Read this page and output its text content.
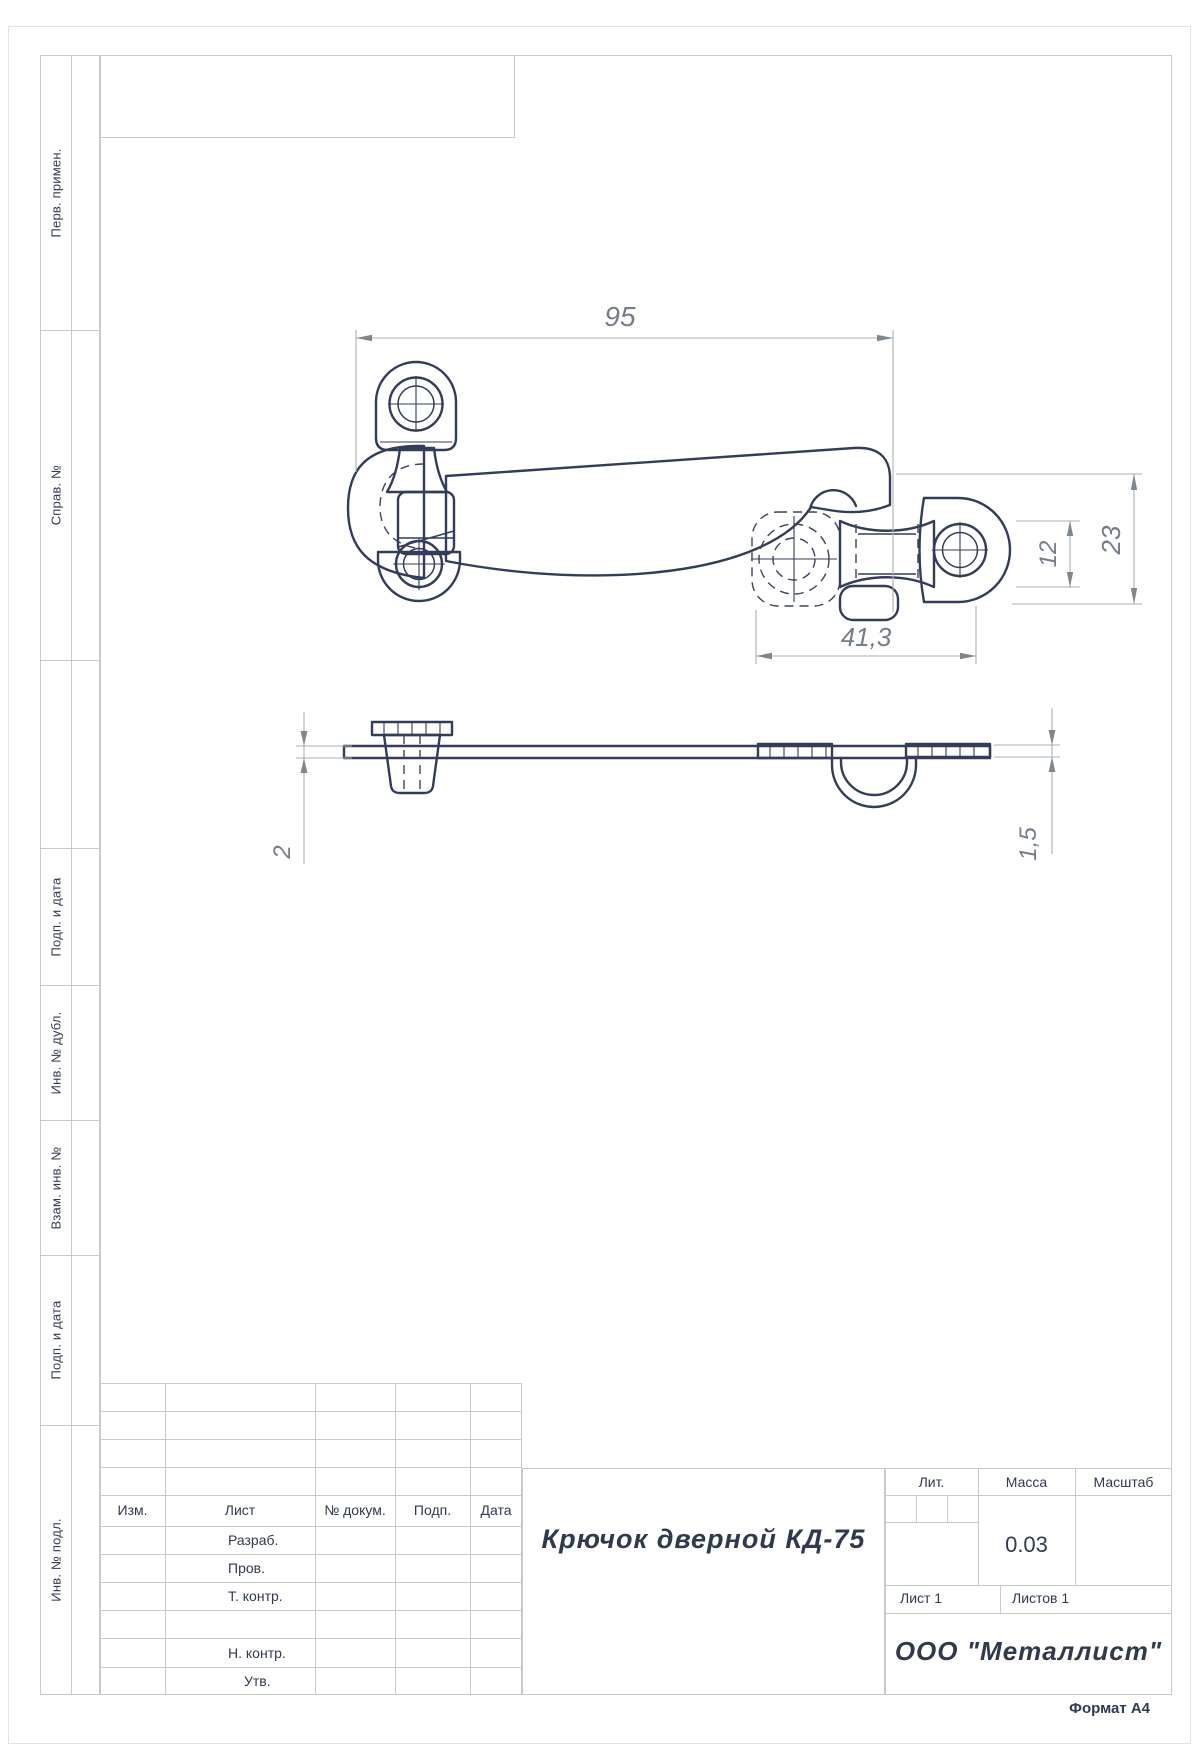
Перв. примен.
Справ. №
Подп. и дата
Инв. № дубл.
Взам. инв. №
Подп. и дата
Инв. № подл.
Изм.	Лист	№ докум.	Подп.	Дата
Разраб.
Пров.
Т. контр.
Н. контр.
Утв.
Крючок дверной КД-75
Лит.	Масса	Масштаб
0.03
Лист 1	Листов 1
ООО "Металлист"
Формат А4
95
41,3
23
12
2	1,5
